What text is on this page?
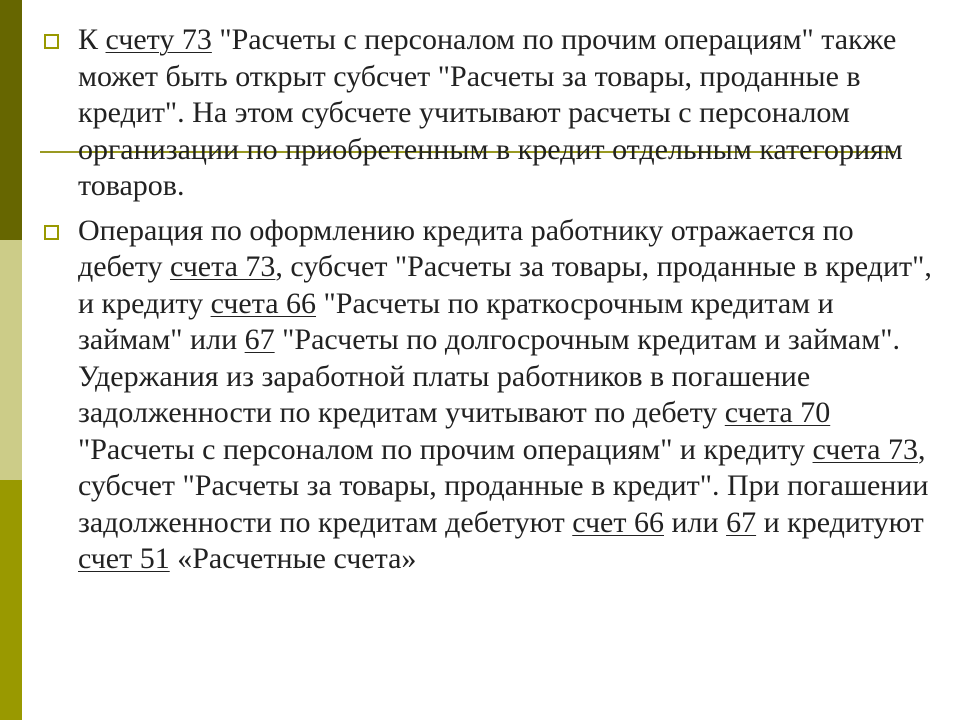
К счету 73 "Расчеты с персоналом по прочим операциям" также может быть открыт субсчет "Расчеты за товары, проданные в кредит". На этом субсчете учитывают расчеты с персоналом организации по приобретенным в кредит отдельным категориям товаров.
Операция по оформлению кредита работнику отражается по дебету счета 73, субсчет "Расчеты за товары, проданные в кредит", и кредиту счета 66 "Расчеты по краткосрочным кредитам и займам" или 67 "Расчеты по долгосрочным кредитам и займам". Удержания из заработной платы работников в погашение задолженности по кредитам учитывают по дебету счета 70 "Расчеты с персоналом по прочим операциям" и кредиту счета 73, субсчет "Расчеты за товары, проданные в кредит". При погашении задолженности по кредитам дебетуют счет 66 или 67 и кредитуют счет 51 «Расчетные счета»
